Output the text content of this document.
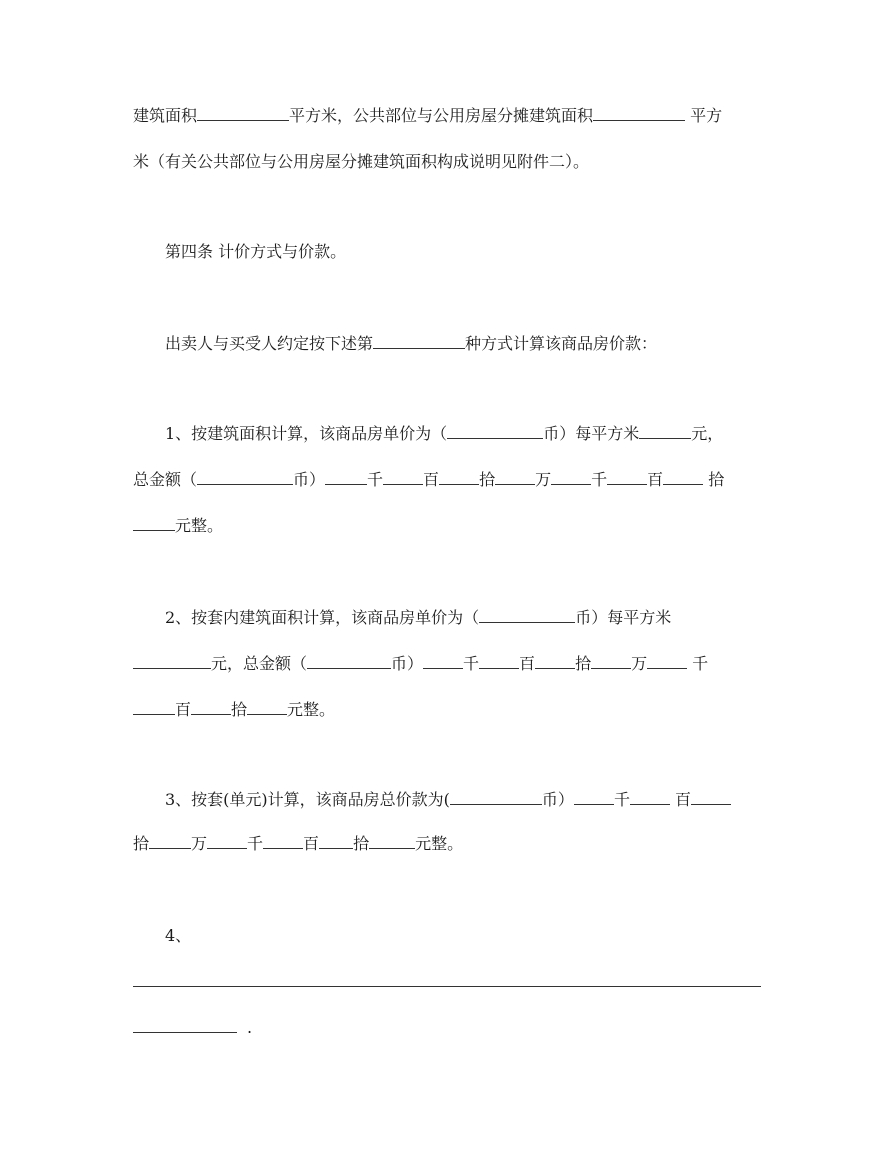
建筑面积	平方米，公共部位与公用房屋分摊建筑面积	平方
米（有关公共部位与公用房屋分摊建筑面积构成说明见附件二）。
第四条 计价方式与价款。
出卖人与买受人约定按下述第	种方式计算该商品房价款：
1、按建筑面积计算，该商品房单价为（	币）每平方米	元，
总金额（	币）	千	百	拾	万	千	百	拾
元整。
2、按套内建筑面积计算，该商品房单价为（	币）每平方米
元，总金额（	币）	千	百	拾	万	千
百	拾	元整。
3、按套(单元)计算，该商品房总价款为(	币）	千	百
拾	万	千	百 拾	元整。
4、
.
